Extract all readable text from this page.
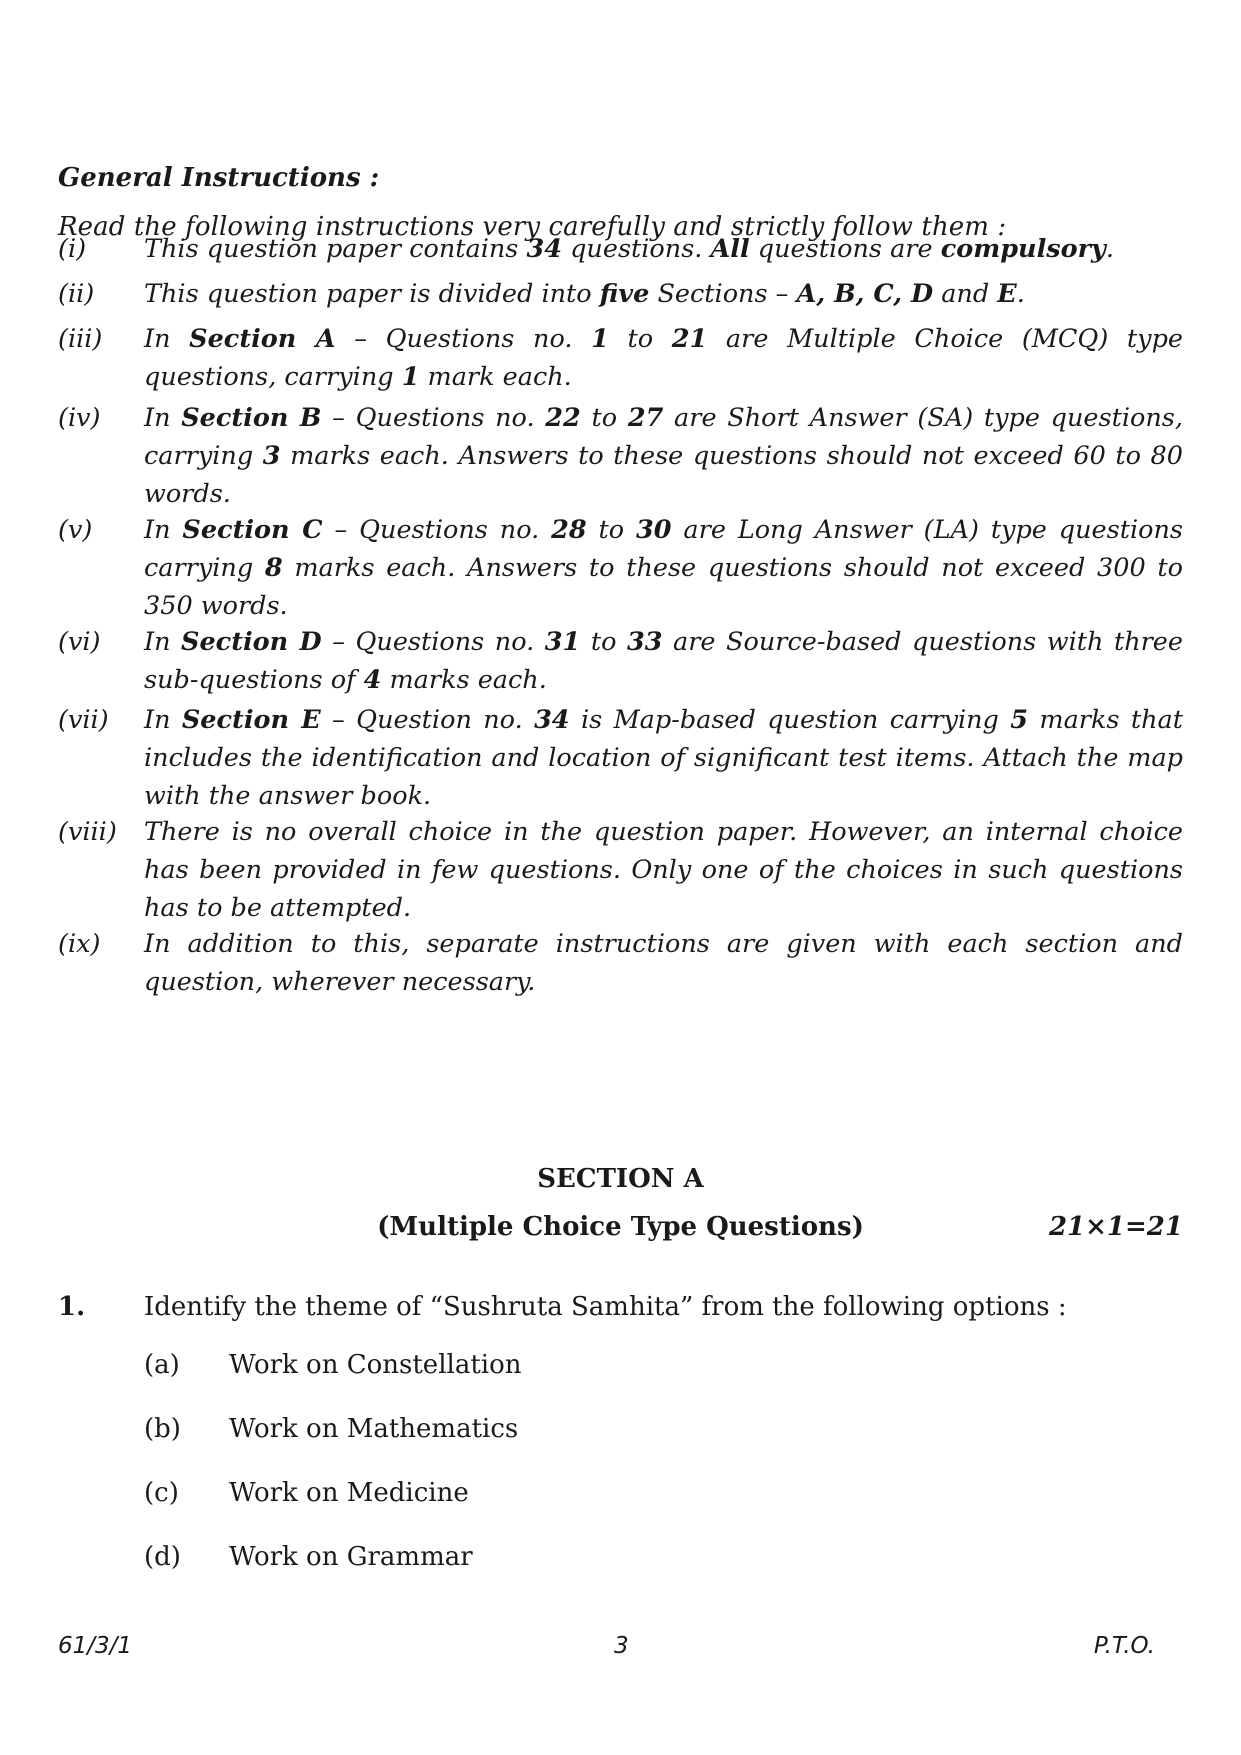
General Instructions :
Read the following instructions very carefully and strictly follow them :
(i) This question paper contains 34 questions. All questions are compulsory.
(ii) This question paper is divided into five Sections – A, B, C, D and E.
(iii) In Section A – Questions no. 1 to 21 are Multiple Choice (MCQ) type questions, carrying 1 mark each.
(iv) In Section B – Questions no. 22 to 27 are Short Answer (SA) type questions, carrying 3 marks each. Answers to these questions should not exceed 60 to 80 words.
(v) In Section C – Questions no. 28 to 30 are Long Answer (LA) type questions carrying 8 marks each. Answers to these questions should not exceed 300 to 350 words.
(vi) In Section D – Questions no. 31 to 33 are Source-based questions with three sub-questions of 4 marks each.
(vii) In Section E – Question no. 34 is Map-based question carrying 5 marks that includes the identification and location of significant test items. Attach the map with the answer book.
(viii) There is no overall choice in the question paper. However, an internal choice has been provided in few questions. Only one of the choices in such questions has to be attempted.
(ix) In addition to this, separate instructions are given with each section and question, wherever necessary.
SECTION A
(Multiple Choice Type Questions)	21×1=21
1. Identify the theme of “Sushruta Samhita” from the following options :
(a) Work on Constellation
(b) Work on Mathematics
(c) Work on Medicine
(d) Work on Grammar
61/3/1	3	P.T.O.
